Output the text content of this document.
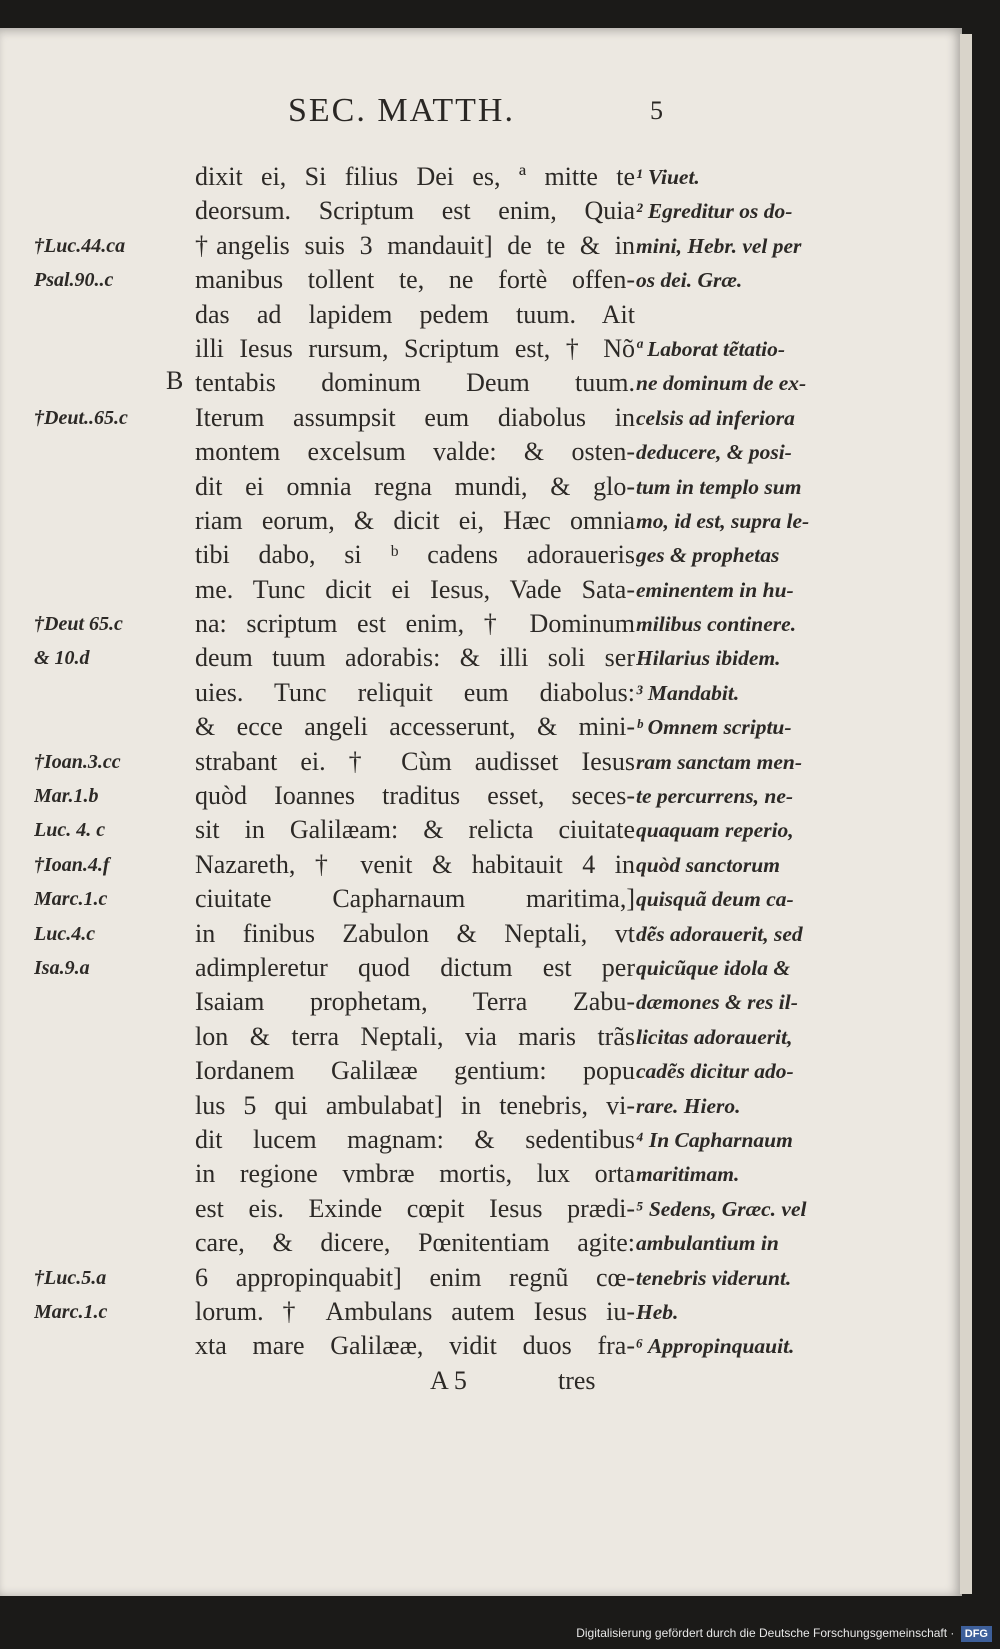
SEC. MATTH.	5
B
†Luc.44.ca
Psal.90..c
†Deut..65.c
†Deut 65.c
& 10.d
†Ioan.3.cc
Mar.1.b
Luc. 4. c
†Ioan.4.f
Marc.1.c
Luc.4.c
Isa.9.a
†Luc.5.a
Marc.1.c
dixit ei, Si filius Dei es, ª mitte te
deorsum. Scriptum est enim, Quia
†angelis suis 3 mandauit] de te & in
manibus tollent te, ne fortè offen-
das ad lapidem pedem tuum. Ait
illi Iesus rursum, Scriptum est, † Nõ
tentabis dominum Deum tuum.
Iterum assumpsit eum diabolus in
montem excelsum valde: & osten-
dit ei omnia regna mundi, & glo-
riam eorum, & dicit ei, Hæc omnia
tibi dabo, si ᵇ cadens adoraueris
me. Tunc dicit ei Iesus, Vade Sata-
na: scriptum est enim, † Dominum
deum tuum adorabis: & illi soli ser
uies. Tunc reliquit eum diabolus:
& ecce angeli accesserunt, & mini-
strabant ei. † Cùm audisset Iesus
quòd Ioannes traditus esset, seces-
sit in Galilæam: & relicta ciuitate
Nazareth, † venit & habitauit 4 in
ciuitate Capharnaum maritima,]
in finibus Zabulon & Neptali, vt
adimpleretur quod dictum est per
Isaiam prophetam, Terra Zabu-
lon & terra Neptali, via maris trãs
Iordanem Galilææ gentium: popu
lus 5 qui ambulabat] in tenebris, vi-
dit lucem magnam: & sedentibus
in regione vmbræ mortis, lux orta
est eis. Exinde cœpit Iesus prædi-
care, & dicere, Pœnitentiam agite:
6 appropinquabit] enim regnũ cœ-
lorum. † Ambulans autem Iesus iu-
xta mare Galilææ, vidit duos fra-
¹ Viuet.
² Egreditur os do-
mini, Hebr. vel per
os dei. Græ.
ª Laborat tẽtatio-
ne dominum de ex-
celsis ad inferiora
deducere, & posi-
tum in templo sum
mo, id est, supra le-
ges & prophetas
eminentem in hu-
milibus continere.
Hilarius ibidem.
³ Mandabit.
ᵇ Omnem scriptu-
ram sanctam men-
te percurrens, ne-
quaquam reperio,
quòd sanctorum
quisquã deum ca-
dẽs adorauerit, sed
quicũque idola &
dæmones & res il-
licitas adorauerit,
cadẽs dicitur ado-
rare. Hiero.
⁴ In Capharnaum
maritimam.
⁵ Sedens, Græc. vel
ambulantium in
tenebris viderunt.
Heb.
⁶ Appropinquauit.
A 5	tres
Digitalisierung gefördert durch die Deutsche Forschungsgemeinschaft · DFG
